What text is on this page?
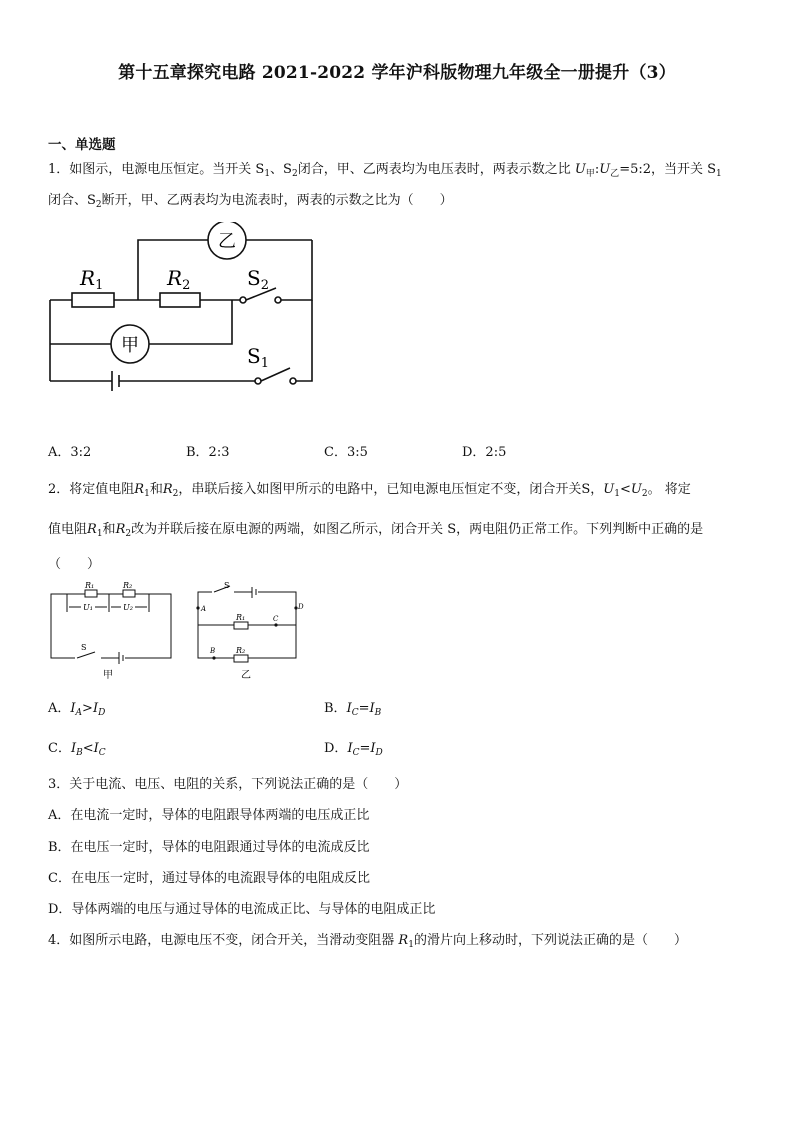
第十五章探究电路 2021-2022 学年沪科版物理九年级全一册提升（3）
一、单选题
1．如图示，电源电压恒定。当开关 $S_1$、$S_2$闭合，甲、乙两表均为电压表时，两表示数之比 $U_甲:U_乙=5:2$，当开关 $S_1$
闭合、$S_2$断开，甲、乙两表均为电流表时，两表的示数之比为（　　）
乙
甲
$R_1$	$R_2$	$S_2$
$S_1$
A．3:2	B．2:3	C．3:5	D．2:5
2．将定值电阻$R_1$和$R_2$，串联后接入如图甲所示的电路中，已知电源电压恒定不变，闭合开关S，$U_1<U_2$。 将定
值电阻$R_1$和$R_2$改为并联后接在原电源的两端，如图乙所示，闭合开关 S，两电阻仍正常工作。下列判断中正确的是
（　　）
R₁	R₂
U₁	U₂
S
甲
S
A	D
R₁	C
B	R₂
乙
A．$I_A>I_D$	B．$I_C=I_B$
C．$I_B<I_C$	D．$I_C=I_D$
3．关于电流、电压、电阻的关系，下列说法正确的是（　　）
A．在电流一定时，导体的电阻跟导体两端的电压成正比
B．在电压一定时，导体的电阻跟通过导体的电流成反比
C．在电压一定时，通过导体的电流跟导体的电阻成反比
D．导体两端的电压与通过导体的电流成正比、与导体的电阻成正比
4．如图所示电路，电源电压不变，闭合开关，当滑动变阻器 $R_1$的滑片向上移动时，下列说法正确的是（　　）
